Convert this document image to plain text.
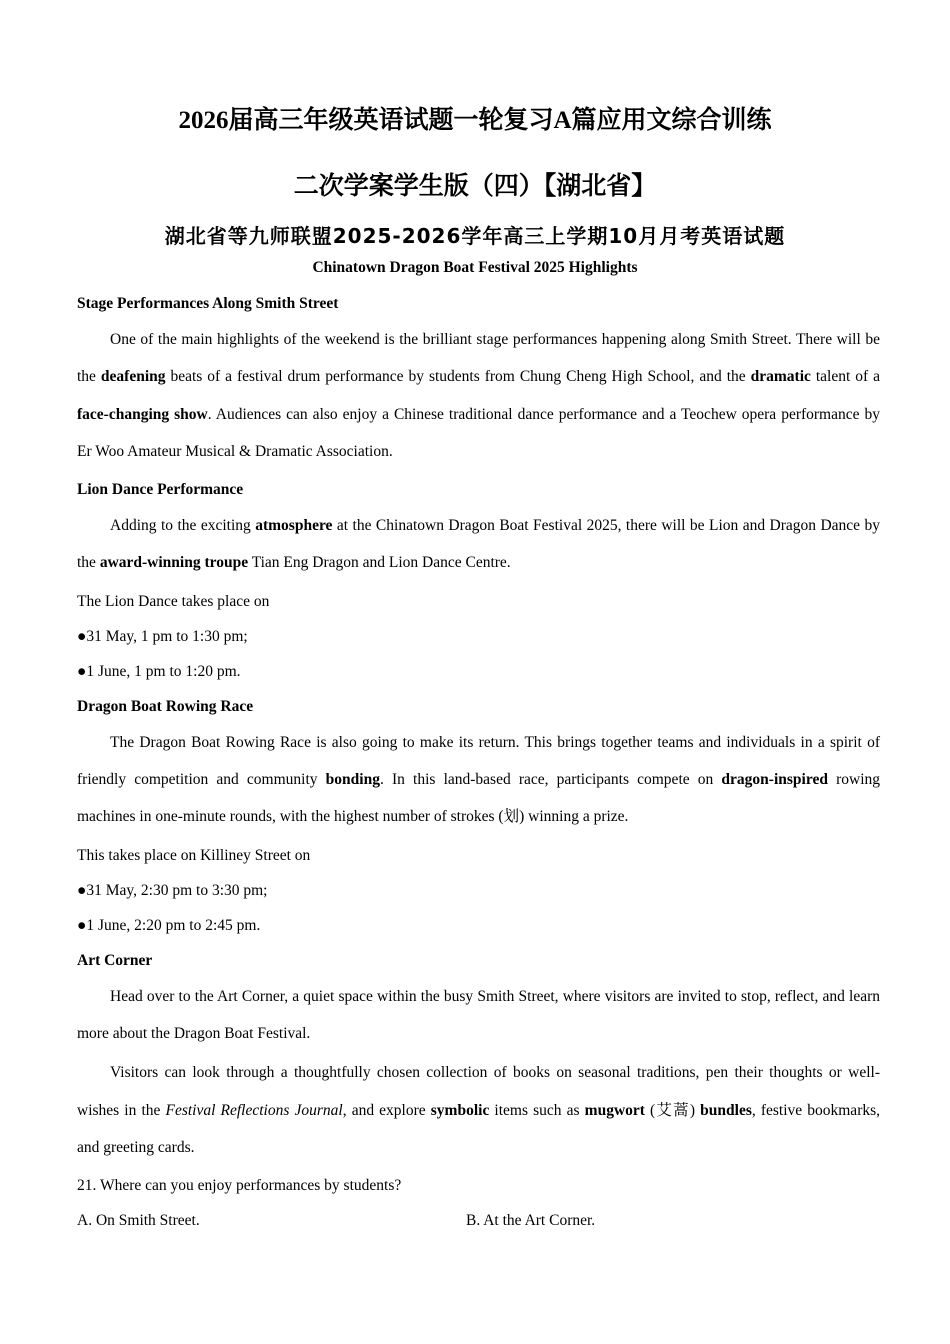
2026届高三年级英语试题一轮复习A篇应用文综合训练
二次学案学生版（四）【湖北省】
湖北省等九师联盟2025-2026学年高三上学期10月月考英语试题
Chinatown Dragon Boat Festival 2025 Highlights
Stage Performances Along Smith Street
One of the main highlights of the weekend is the brilliant stage performances happening along Smith Street. There will be the deafening beats of a festival drum performance by students from Chung Cheng High School, and the dramatic talent of a face-changing show. Audiences can also enjoy a Chinese traditional dance performance and a Teochew opera performance by Er Woo Amateur Musical & Dramatic Association.
Lion Dance Performance
Adding to the exciting atmosphere at the Chinatown Dragon Boat Festival 2025, there will be Lion and Dragon Dance by the award-winning troupe Tian Eng Dragon and Lion Dance Centre.
The Lion Dance takes place on
● 31 May, 1 pm to 1:30 pm;
● 1 June, 1 pm to 1:20 pm.
Dragon Boat Rowing Race
The Dragon Boat Rowing Race is also going to make its return. This brings together teams and individuals in a spirit of friendly competition and community bonding. In this land-based race, participants compete on dragon-inspired rowing machines in one-minute rounds, with the highest number of strokes (划) winning a prize.
This takes place on Killiney Street on
● 31 May, 2:30 pm to 3:30 pm;
● 1 June, 2:20 pm to 2:45 pm.
Art Corner
Head over to the Art Corner, a quiet space within the busy Smith Street, where visitors are invited to stop, reflect, and learn more about the Dragon Boat Festival.
Visitors can look through a thoughtfully chosen collection of books on seasonal traditions, pen their thoughts or well-wishes in the Festival Reflections Journal, and explore symbolic items such as mugwort (艾蒿) bundles, festive bookmarks, and greeting cards.
21. Where can you enjoy performances by students?
A. On Smith Street.	B. At the Art Corner.
